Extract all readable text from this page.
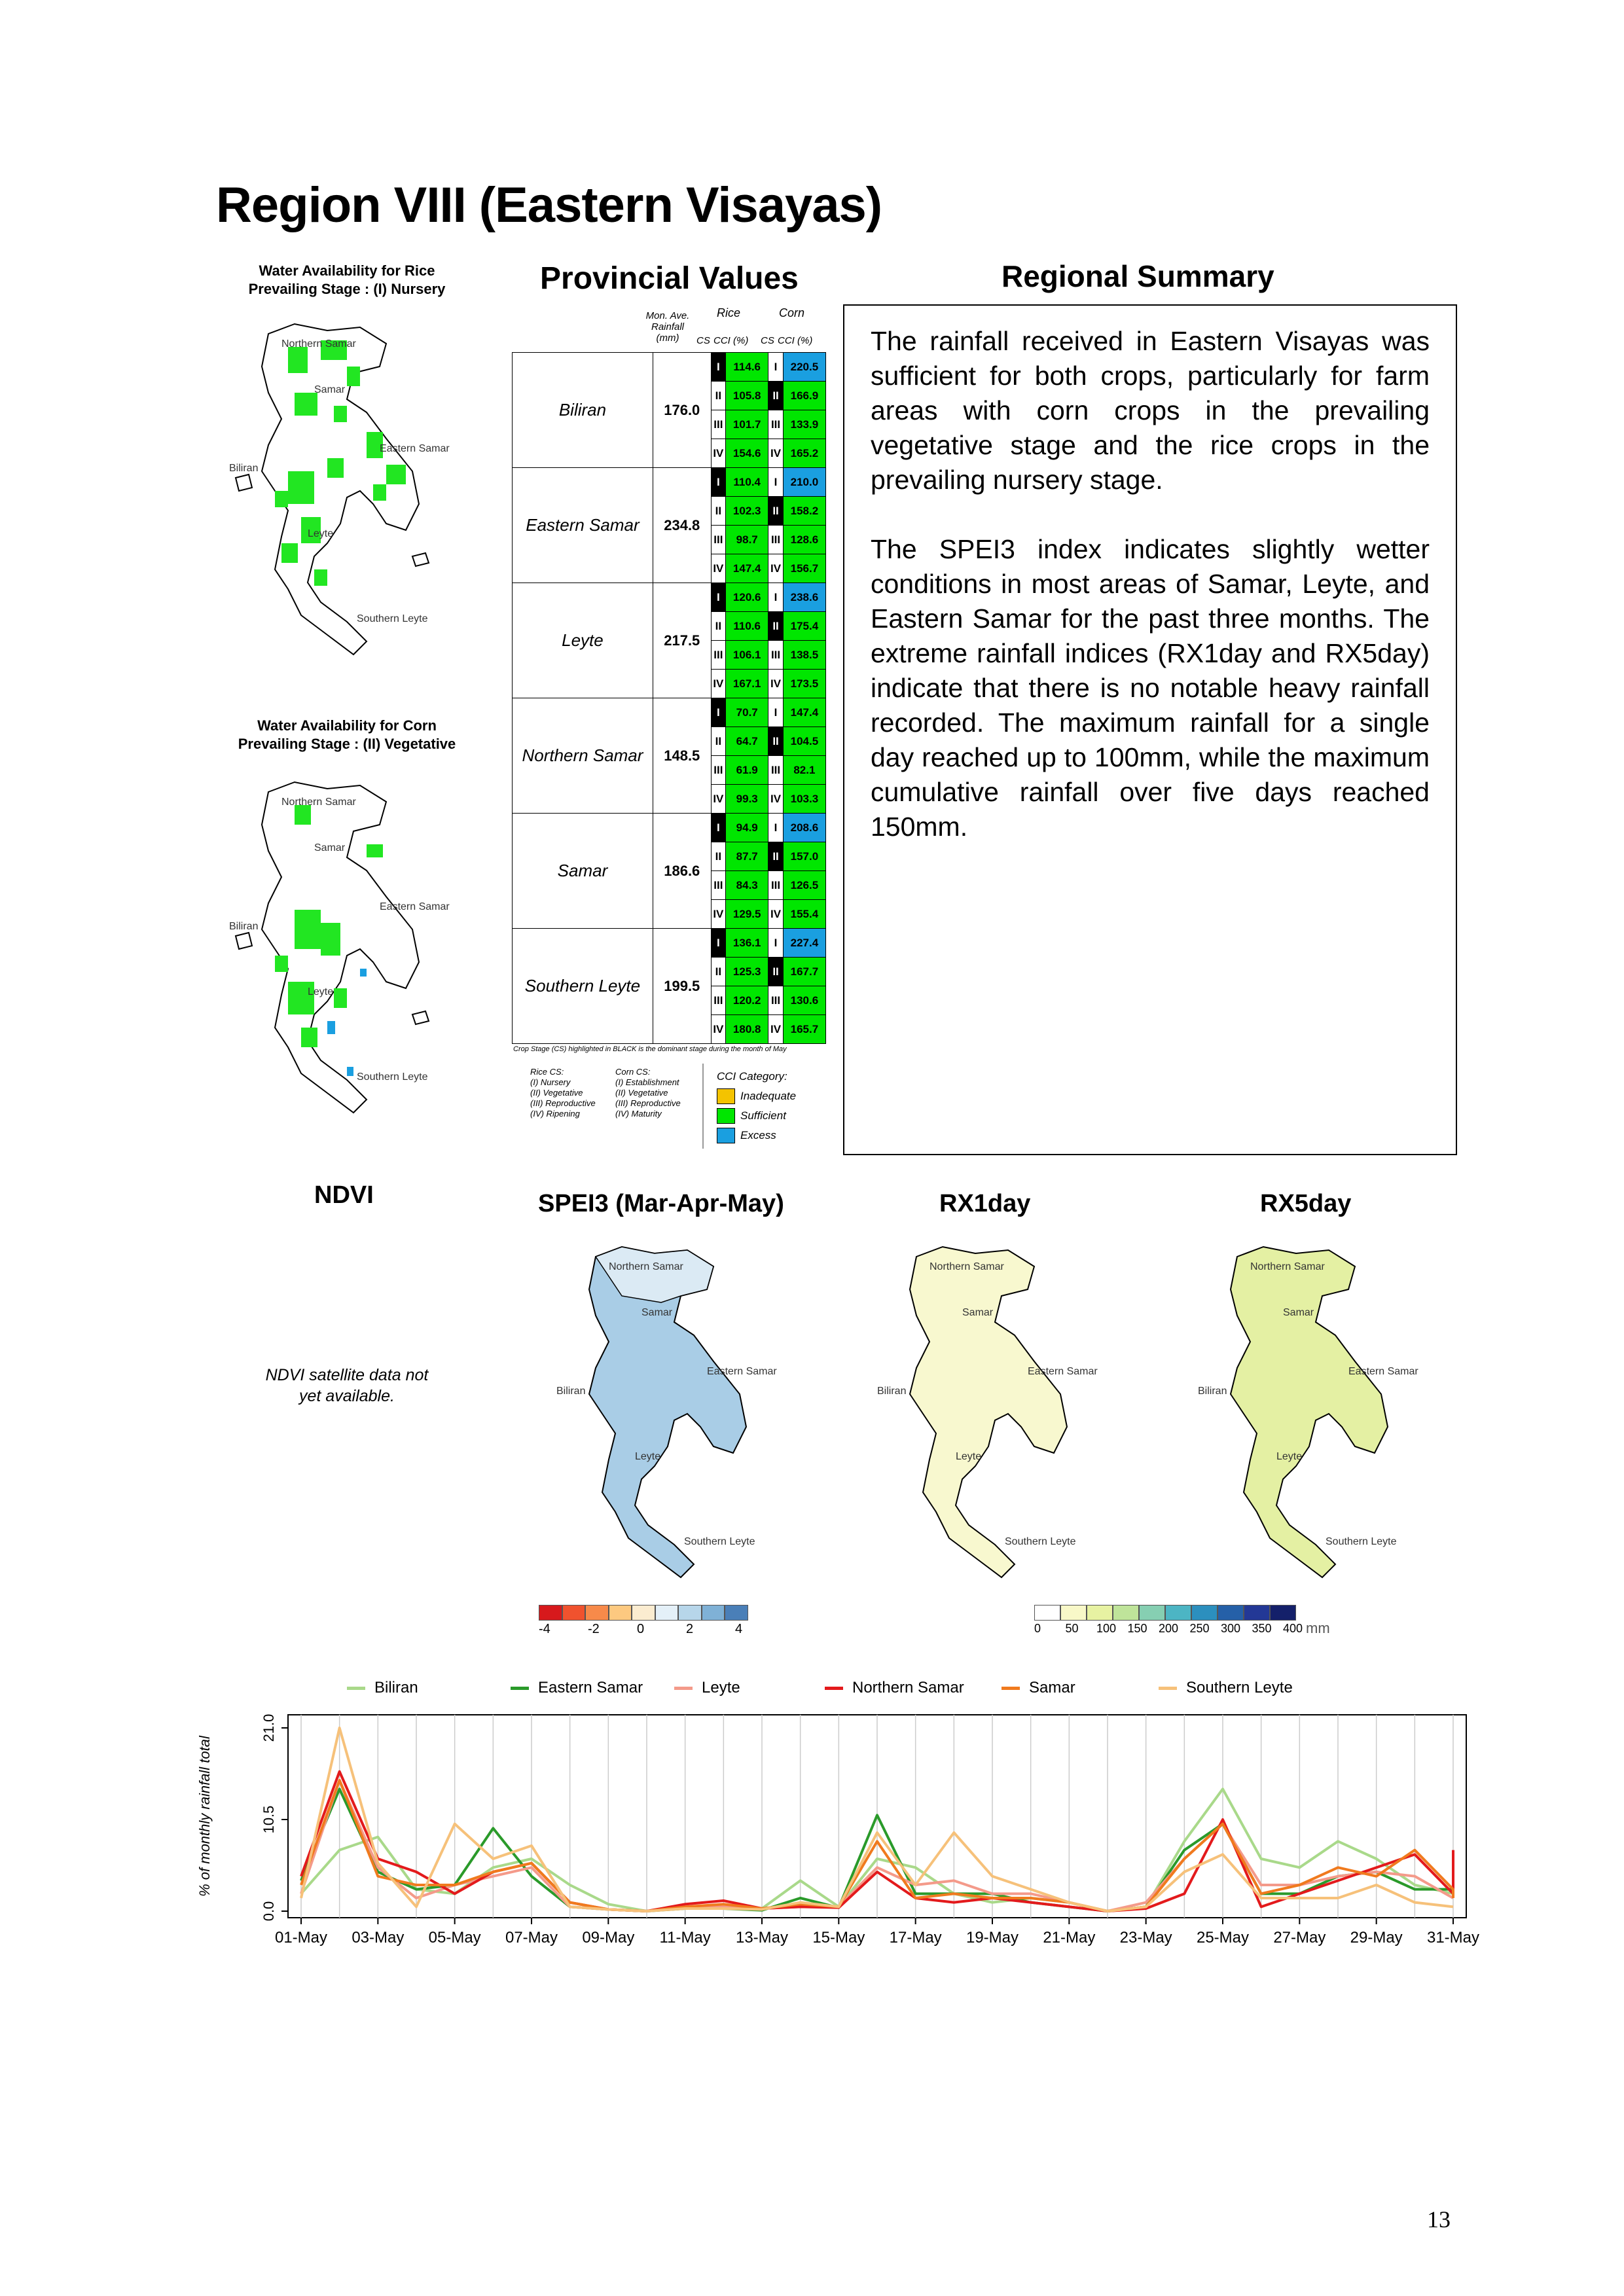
Region VIII (Eastern Visayas)
Water Availability for Rice
Prevailing Stage : (I) Nursery
Northern Samar
Samar
Biliran
Eastern Samar
Leyte
Southern Leyte
Water Availability for Corn
Prevailing Stage : (II) Vegetative
Northern Samar
Samar
Biliran
Eastern Samar
Leyte
Southern Leyte
Provincial Values
Mon. Ave.
Rainfall
(mm)
Rice	Corn
CS CCI (%) CS CCI (%)
Biliran	176.0	I	114.6	I	220.5
		II	105.8	II	166.9
		III	101.7	III	133.9
		IV	154.6	IV	165.2
Eastern Samar	234.8	I	110.4	I	210.0
		II	102.3	II	158.2
		III	98.7	III	128.6
		IV	147.4	IV	156.7
Leyte	217.5	I	120.6	I	238.6
		II	110.6	II	175.4
		III	106.1	III	138.5
		IV	167.1	IV	173.5
Northern Samar	148.5	I	70.7	I	147.4
		II	64.7	II	104.5
		III	61.9	III	82.1
		IV	99.3	IV	103.3
Samar	186.6	I	94.9	I	208.6
		II	87.7	II	157.0
		III	84.3	III	126.5
		IV	129.5	IV	155.4
Southern Leyte	199.5	I	136.1	I	227.4
		II	125.3	II	167.7
		III	120.2	III	130.6
		IV	180.8	IV	165.7
Crop Stage (CS) highlighted in BLACK is the dominant stage during the month of May
Rice CS:
(I) Nursery
(II) Vegetative
(III) Reproductive
(IV) Ripening
Corn CS:
(I) Establishment
(II) Vegetative
(III) Reproductive
(IV) Maturity
CCI Category:
Inadequate
Sufficient
Excess
Regional Summary

The rainfall received in Eastern Visayas was sufficient for both crops, particularly for farm areas with corn crops in the prevailing vegetative stage and the rice crops in the prevailing nursery stage.

The SPEI3 index indicates slightly wetter conditions in most areas of Samar, Leyte, and Eastern Samar for the past three months. The extreme rainfall indices (RX1day and RX5day) indicate that there is no notable heavy rainfall recorded. The maximum rainfall for a single day reached up to 100mm, while the maximum cumulative rainfall over five days reached 150mm.

NDVI
NDVI satellite data not yet available.
SPEI3 (Mar-Apr-May)	RX1day	RX5day
Northern Samar
Samar
Biliran
Eastern Samar
Leyte
Southern Leyte
Northern Samar
Samar
Biliran
Eastern Samar
Leyte
Southern Leyte
Northern Samar
Samar
Biliran
Eastern Samar
Leyte
Southern Leyte
-4	-2	0	2	4	0 50 100 150 200 250 300 350 400 mm
Biliran	Eastern Samar	Leyte	Northern Samar	Samar	Southern Leyte
01-May 03-May 05-May 07-May 09-May 11-May 13-May 15-May 17-May 19-May 21-May 23-May 25-May 27-May 29-May 31-May
0.0
10.5
21.0
% of monthly rainfall total
13
